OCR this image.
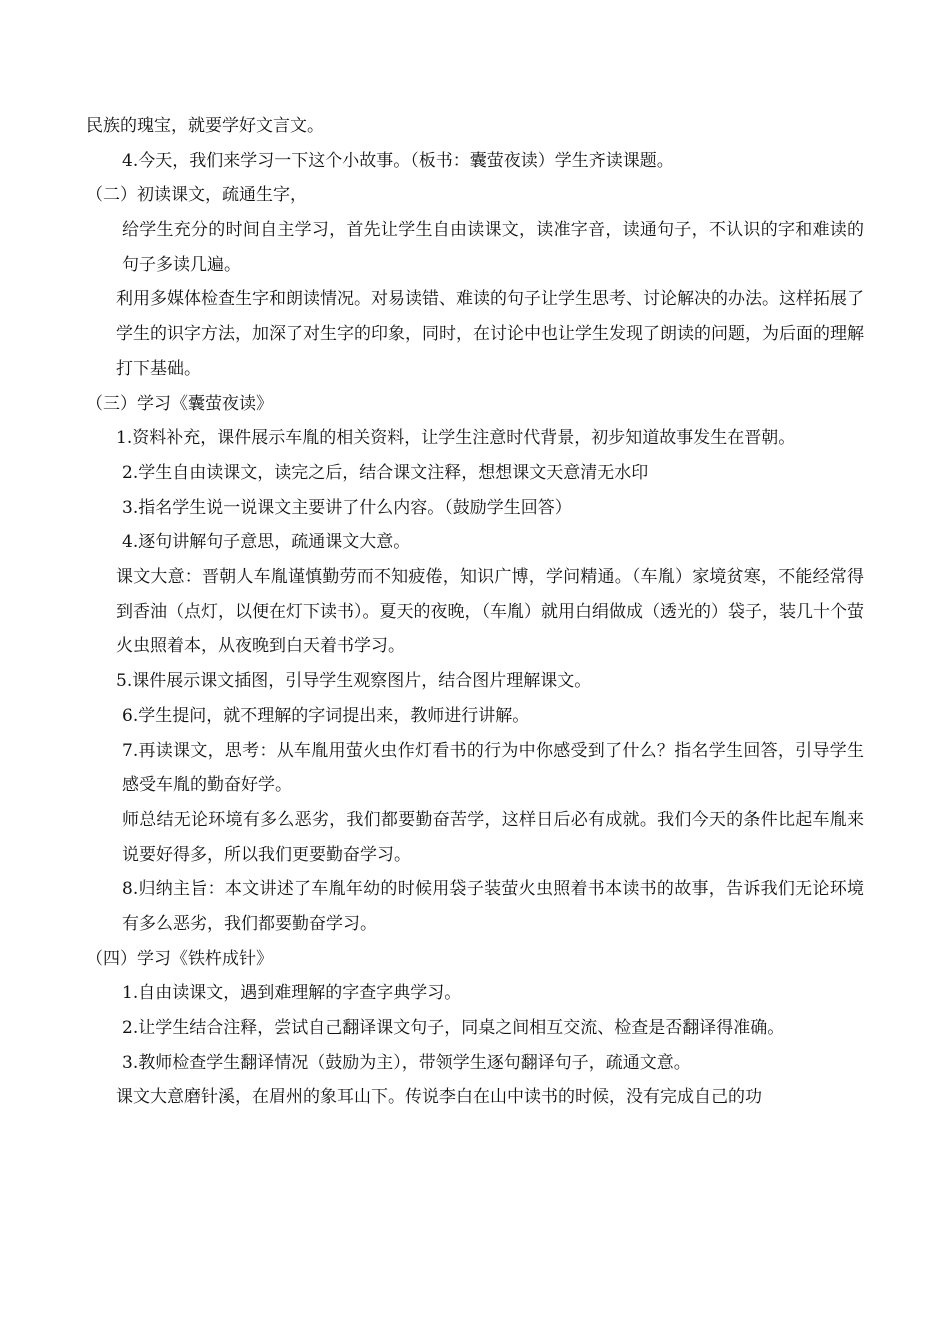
民族的瑰宝，就要学好文言文。
4.今天，我们来学习一下这个小故事。（板书：囊萤夜读）学生齐读课题。
（二）初读课文，疏通生字，
给学生充分的时间自主学习，首先让学生自由读课文，读准字音，读通句子，不认识的字和难读的句子多读几遍。
利用多媒体检查生字和朗读情况。对易读错、难读的句子让学生思考、讨论解决的办法。这样拓展了学生的识字方法，加深了对生字的印象，同时，在讨论中也让学生发现了朗读的问题，为后面的理解打下基础。
（三）学习《囊萤夜读》
1.资料补充，课件展示车胤的相关资料，让学生注意时代背景，初步知道故事发生在晋朝。
2.学生自由读课文，读完之后，结合课文注释，想想课文天意清无水印
3.指名学生说一说课文主要讲了什么内容。（鼓励学生回答）
4.逐句讲解句子意思，疏通课文大意。
课文大意：晋朝人车胤谨慎勤劳而不知疲倦，知识广博，学问精通。（车胤）家境贫寒，不能经常得到香油（点灯，以便在灯下读书）。夏天的夜晚，（车胤）就用白绢做成（透光的）袋子，装几十个萤火虫照着本，从夜晚到白天着书学习。
5.课件展示课文插图，引导学生观察图片，结合图片理解课文。
6.学生提问，就不理解的字词提出来，教师进行讲解。
7.再读课文，思考：从车胤用萤火虫作灯看书的行为中你感受到了什么？指名学生回答，引导学生感受车胤的勤奋好学。
师总结无论环境有多么恶劣，我们都要勤奋苦学，这样日后必有成就。我们今天的条件比起车胤来说要好得多，所以我们更要勤奋学习。
8.归纳主旨：本文讲述了车胤年幼的时候用袋子装萤火虫照着书本读书的故事，告诉我们无论环境有多么恶劣，我们都要勤奋学习。
（四）学习《铁杵成针》
1.自由读课文，遇到难理解的字查字典学习。
2.让学生结合注释，尝试自己翻译课文句子，同桌之间相互交流、检查是否翻译得准确。
3.教师检查学生翻译情况（鼓励为主），带领学生逐句翻译句子，疏通文意。
课文大意磨针溪，在眉州的象耳山下。传说李白在山中读书的时候，没有完成自己的功
